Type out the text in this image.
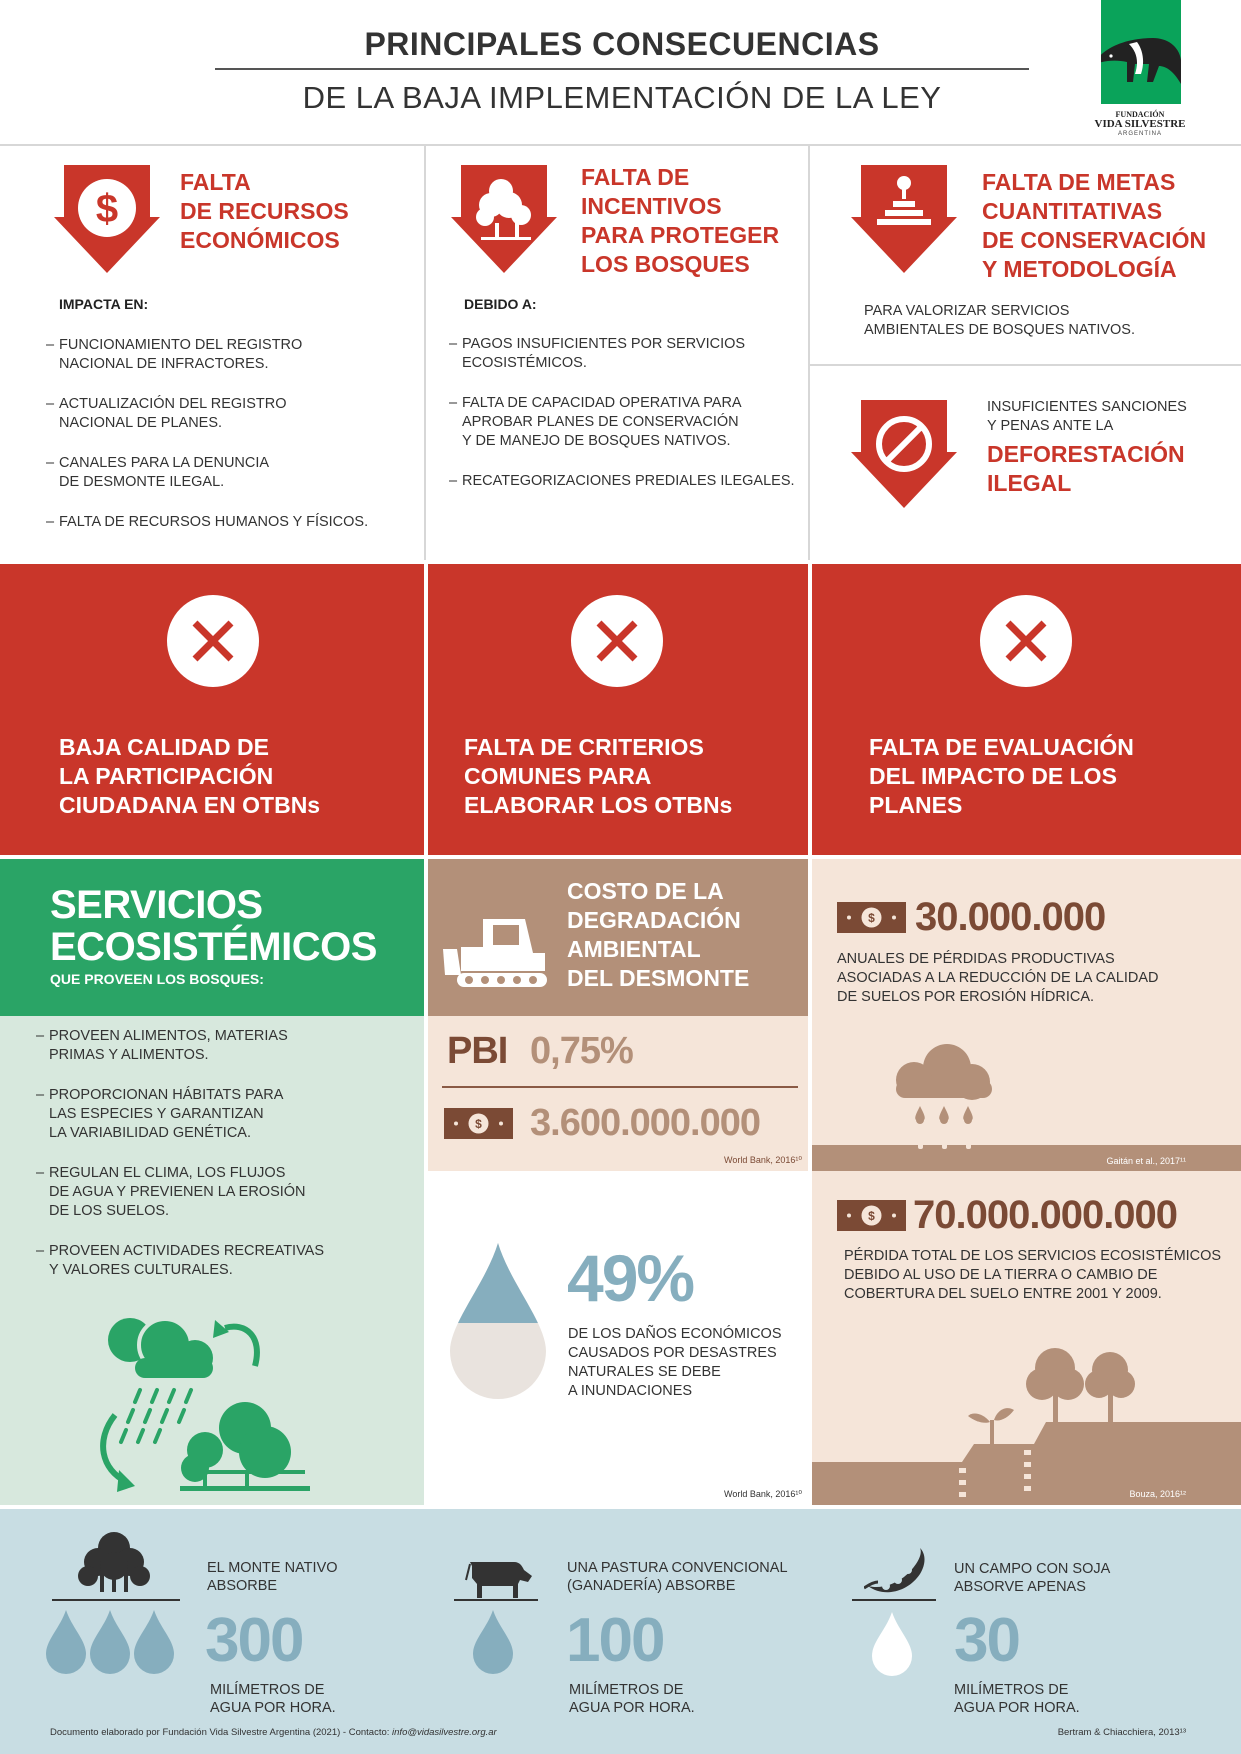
PRINCIPALES CONSECUENCIAS
DE LA BAJA IMPLEMENTACIÓN DE LA LEY	FUNDACIÓN
VIDA SILVESTRE
ARGENTINA
$
FALTA
DE RECURSOS
ECONÓMICOS
IMPACTA EN:
– FUNCIONAMIENTO DEL REGISTRO
NACIONAL DE INFRACTORES.
– ACTUALIZACIÓN DEL REGISTRO
NACIONAL DE PLANES.
– CANALES PARA LA DENUNCIA
DE DESMONTE ILEGAL.
– FALTA DE RECURSOS HUMANOS Y FÍSICOS.
FALTA DE
INCENTIVOS
PARA PROTEGER
LOS BOSQUES
DEBIDO A:
– PAGOS INSUFICIENTES POR SERVICIOS
ECOSISTÉMICOS.
– FALTA DE CAPACIDAD OPERATIVA PARA
APROBAR PLANES DE CONSERVACIÓN
Y DE MANEJO DE BOSQUES NATIVOS.
– RECATEGORIZACIONES PREDIALES ILEGALES.
FALTA DE METAS
CUANTITATIVAS
DE CONSERVACIÓN
Y METODOLOGÍA
PARA VALORIZAR SERVICIOS
AMBIENTALES DE BOSQUES NATIVOS.
INSUFICIENTES SANCIONES
Y PENAS ANTE LA
DEFORESTACIÓN
ILEGAL
BAJA CALIDAD DE
LA PARTICIPACIÓN
CIUDADANA EN OTBNs
FALTA DE CRITERIOS
COMUNES PARA
ELABORAR LOS OTBNs
FALTA DE EVALUACIÓN
DEL IMPACTO DE LOS
PLANES
SERVICIOS
ECOSISTÉMICOS
QUE PROVEEN LOS BOSQUES:
– PROVEEN ALIMENTOS, MATERIAS
PRIMAS Y ALIMENTOS.
– PROPORCIONAN HÁBITATS PARA
LAS ESPECIES Y GARANTIZAN
LA VARIABILIDAD GENÉTICA.
– REGULAN EL CLIMA, LOS FLUJOS
DE AGUA Y PREVIENEN LA EROSIÓN
DE LOS SUELOS.
– PROVEEN ACTIVIDADES RECREATIVAS
Y VALORES CULTURALES.
COSTO DE LA
DEGRADACIÓN
AMBIENTAL
DEL DESMONTE
PBI 0,75%
$ 3.600.000.000
World Bank, 2016¹⁰
49%
DE LOS DAÑOS ECONÓMICOS
CAUSADOS POR DESASTRES
NATURALES SE DEBE
A INUNDACIONES
World Bank, 2016¹⁰
$ 30.000.000
ANUALES DE PÉRDIDAS PRODUCTIVAS
ASOCIADAS A LA REDUCCIÓN DE LA CALIDAD
DE SUELOS POR EROSIÓN HÍDRICA.
Gaitán et al., 2017¹¹
$ 70.000.000.000
PÉRDIDA TOTAL DE LOS SERVICIOS ECOSISTÉMICOS
DEBIDO AL USO DE LA TIERRA O CAMBIO DE
COBERTURA DEL SUELO ENTRE 2001 Y 2009.
Bouza, 2016¹²
EL MONTE NATIVO
ABSORBE
300
MILÍMETROS DE
AGUA POR HORA.
UNA PASTURA CONVENCIONAL
(GANADERÍA) ABSORBE
100
MILÍMETROS DE
AGUA POR HORA.
UN CAMPO CON SOJA
ABSORVE APENAS
30
MILÍMETROS DE
AGUA POR HORA.
Documento elaborado por Fundación Vida Silvestre Argentina (2021) - Contacto: info@vidasilvestre.org.ar	Bertram & Chiacchiera, 2013¹³
